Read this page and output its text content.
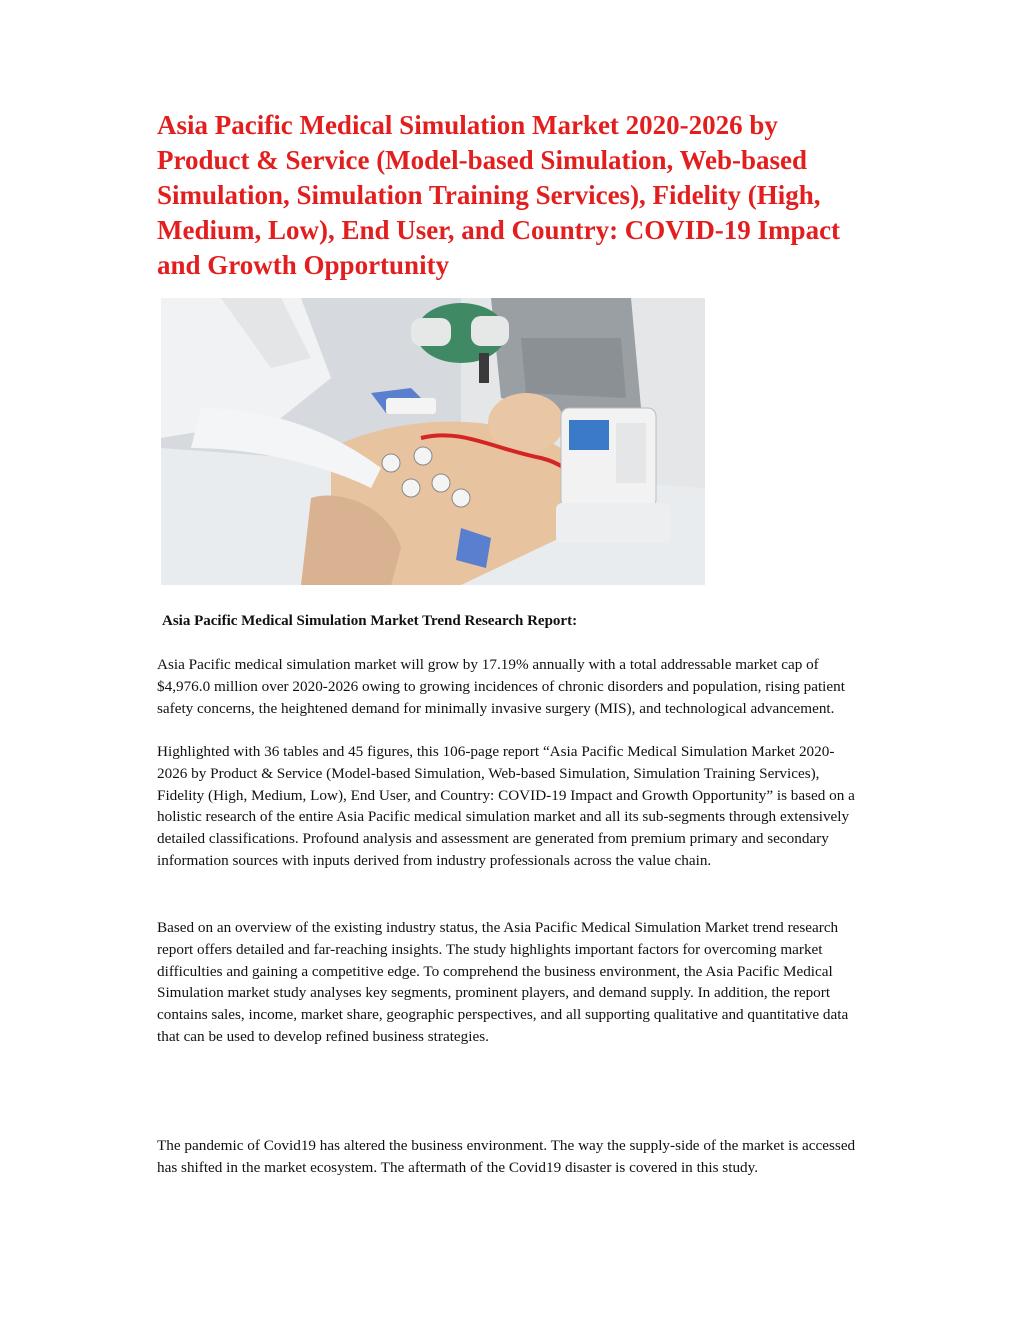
Asia Pacific Medical Simulation Market 2020-2026 by Product & Service (Model-based Simulation, Web-based Simulation, Simulation Training Services), Fidelity (High, Medium, Low), End User, and Country: COVID-19 Impact and Growth Opportunity
Asia Pacific Medical Simulation Market Trend Research Report:

Asia Pacific medical simulation market will grow by 17.19% annually with a total addressable market cap of $4,976.0 million over 2020-2026 owing to growing incidences of chronic disorders and population, rising patient safety concerns, the heightened demand for minimally invasive surgery (MIS), and technological advancement.

Highlighted with 36 tables and 45 figures, this 106-page report “Asia Pacific Medical Simulation Market 2020-2026 by Product & Service (Model-based Simulation, Web-based Simulation, Simulation Training Services), Fidelity (High, Medium, Low), End User, and Country: COVID-19 Impact and Growth Opportunity” is based on a holistic research of the entire Asia Pacific medical simulation market and all its sub-segments through extensively detailed classifications. Profound analysis and assessment are generated from premium primary and secondary information sources with inputs derived from industry professionals across the value chain.

Based on an overview of the existing industry status, the Asia Pacific Medical Simulation Market trend research report offers detailed and far-reaching insights. The study highlights important factors for overcoming market difficulties and gaining a competitive edge. To comprehend the business environment, the Asia Pacific Medical Simulation market study analyses key segments, prominent players, and demand supply. In addition, the report contains sales, income, market share, geographic perspectives, and all supporting qualitative and quantitative data that can be used to develop refined business strategies.

The pandemic of Covid19 has altered the business environment. The way the supply-side of the market is accessed has shifted in the market ecosystem. The aftermath of the Covid19 disaster is covered in this study.
